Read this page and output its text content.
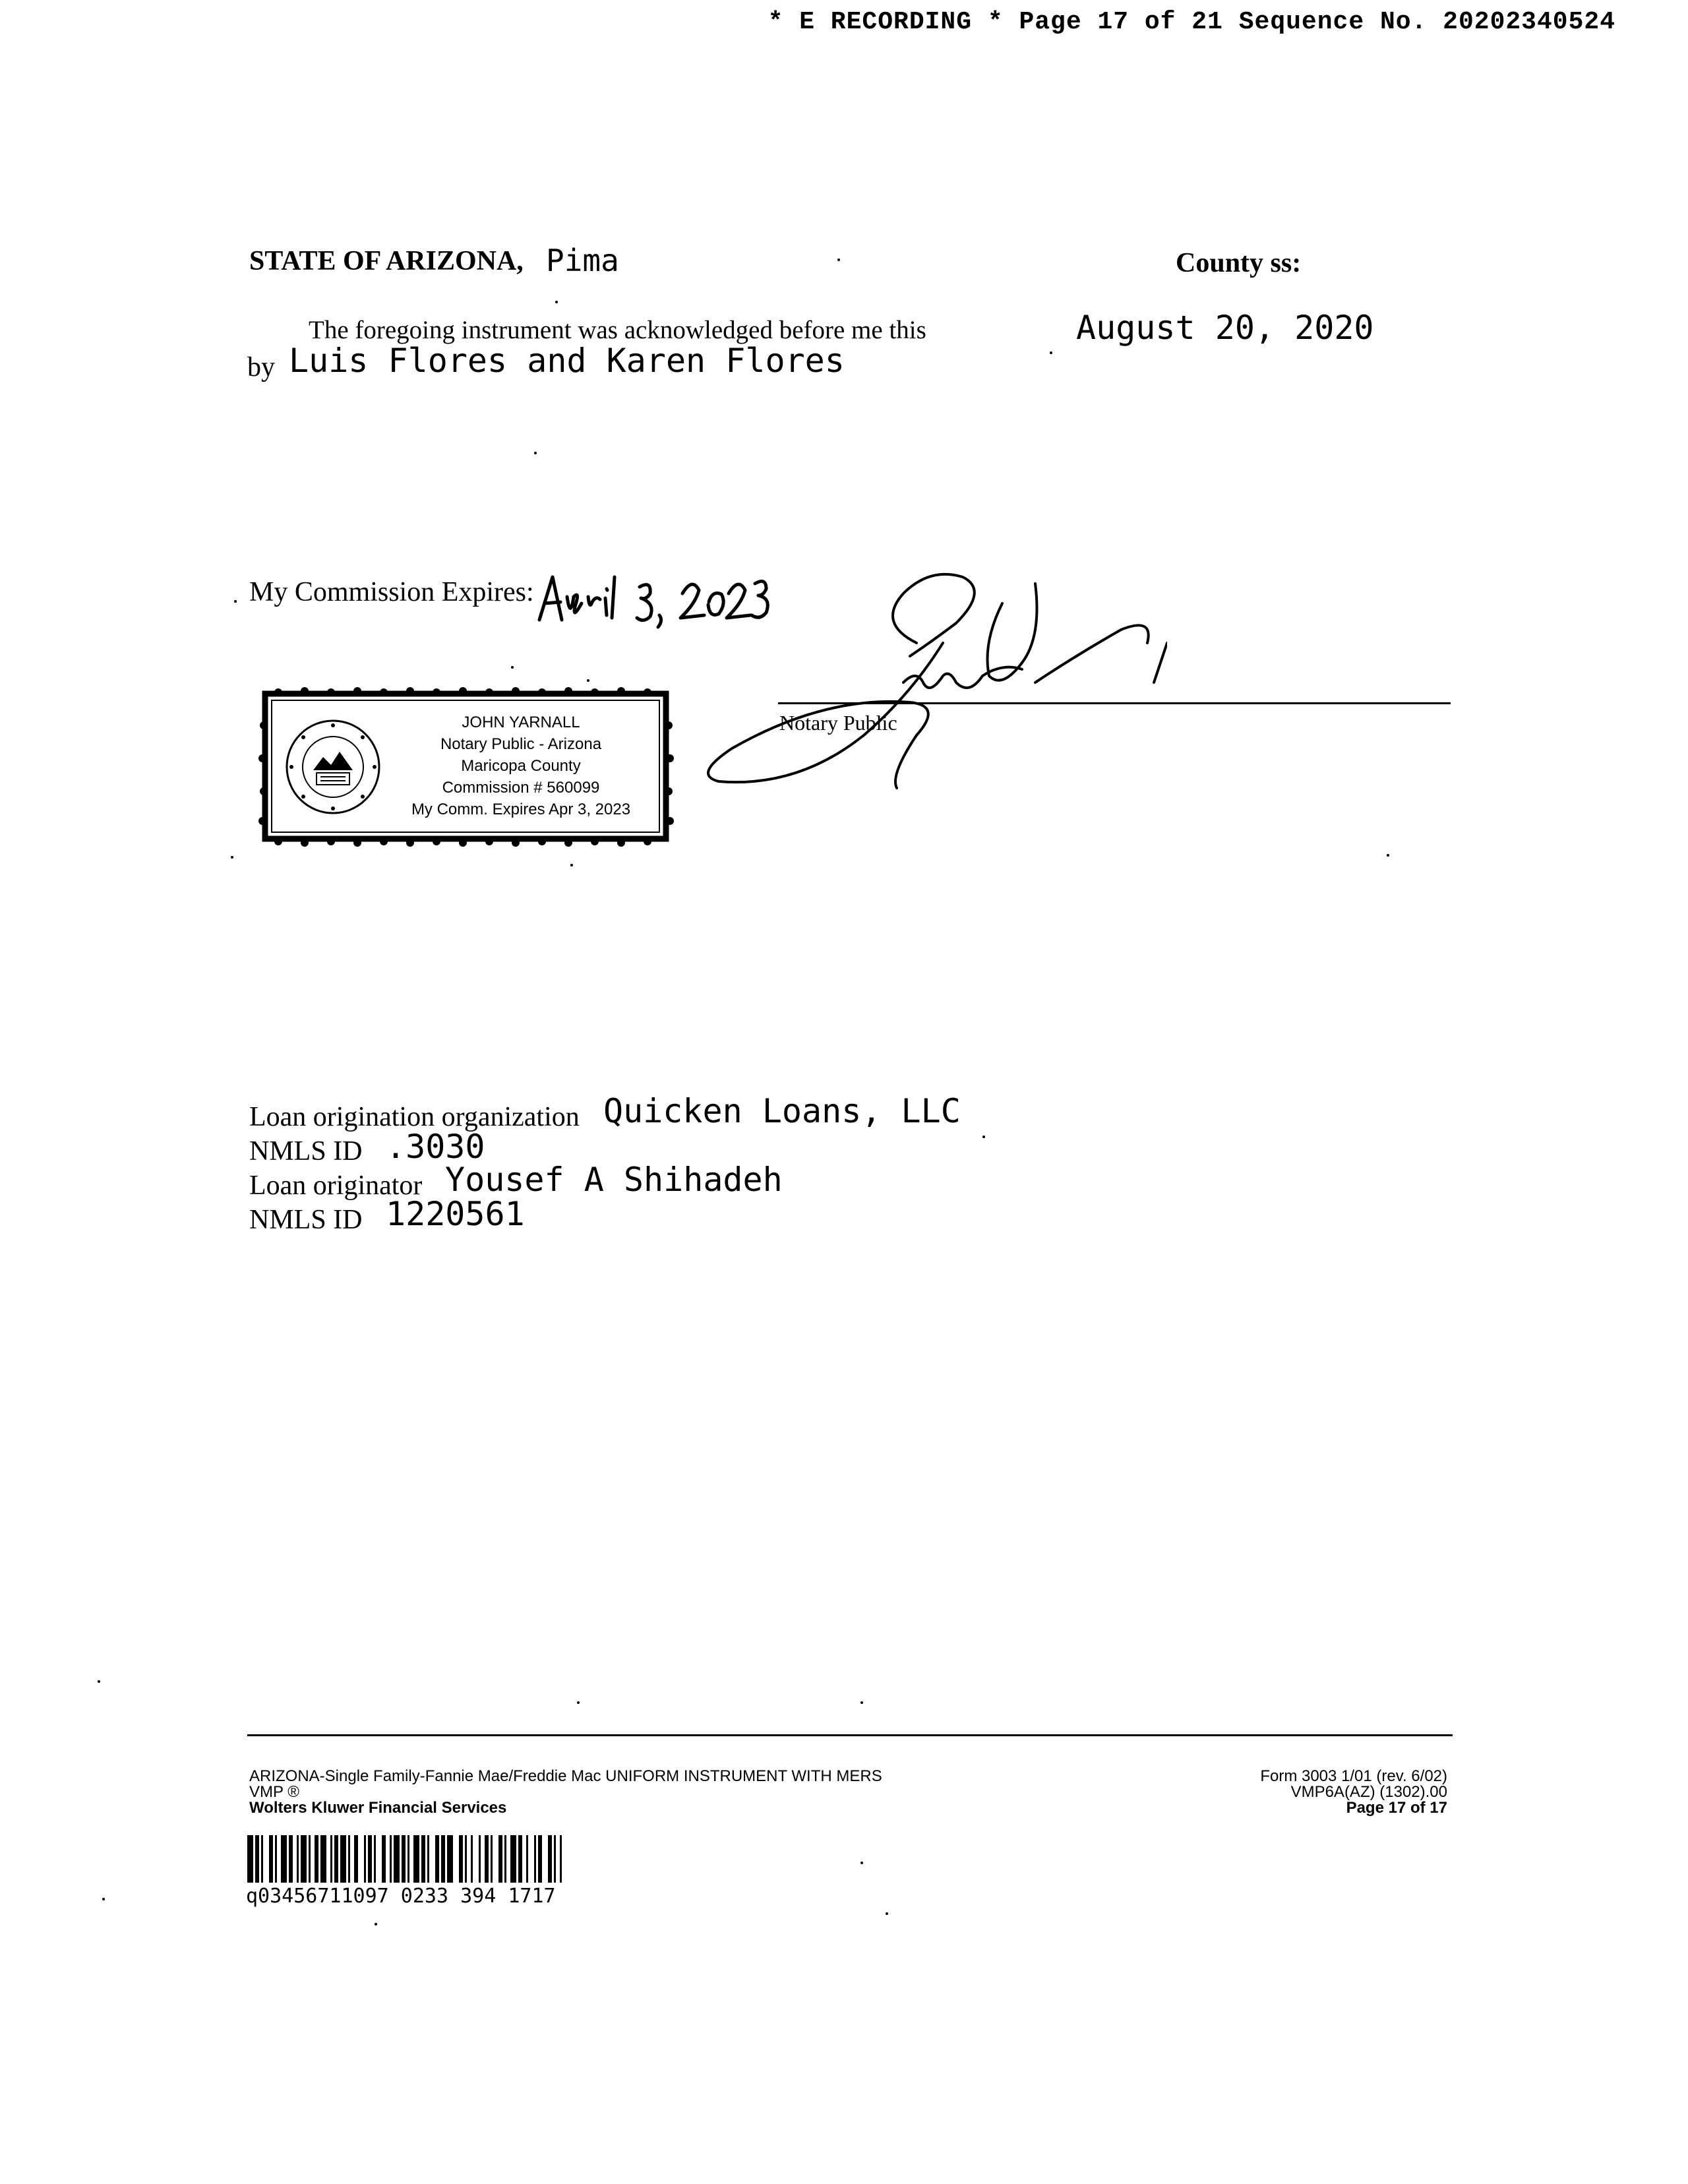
* E RECORDING * Page 17 of 21 Sequence No. 20202340524
STATE OF ARIZONA, Pima	County ss:
The foregoing instrument was acknowledged before me this	August 20, 2020
by Luis Flores and Karen Flores
My Commission Expires:
Notary Public
JOHN YARNALL
Notary Public - Arizona
Maricopa County
Commission # 560099
My Comm. Expires Apr 3, 2023
Loan origination organization Quicken Loans, LLC
NMLS ID .3030
Loan originator Yousef A Shihadeh
NMLS ID 1220561
ARIZONA-Single Family-Fannie Mae/Freddie Mac UNIFORM INSTRUMENT WITH MERS
VMP ®
Wolters Kluwer Financial Services
Form 3003 1/01 (rev. 6/02)
VMP6A(AZ) (1302).00
Page 17 of 17
q03456711097 0233 394 1717
